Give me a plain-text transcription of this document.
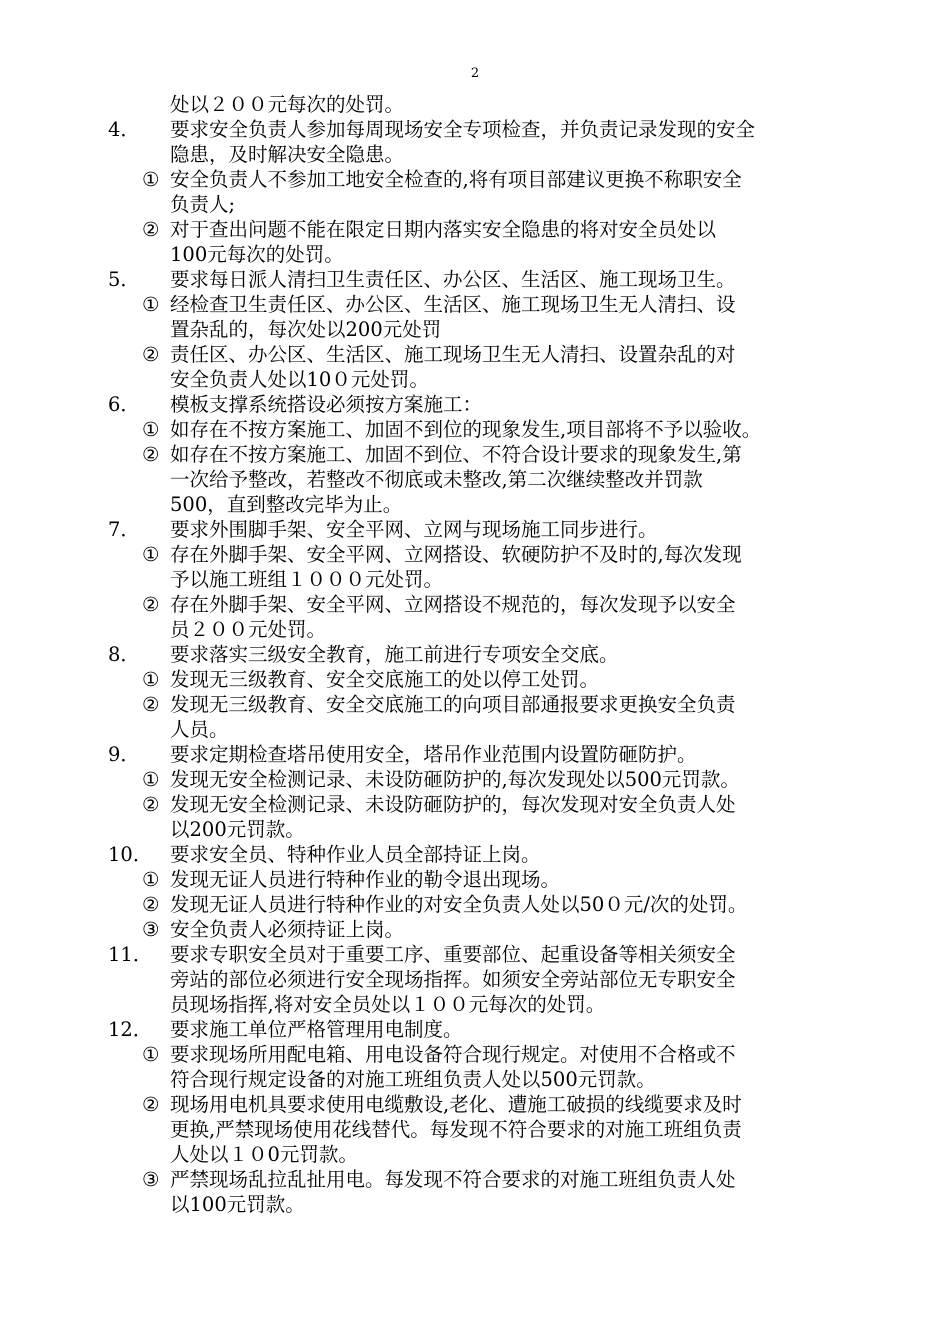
2
处以２００元每次的处罚。
4． 要求安全负责人参加每周现场安全专项检查，并负责记录发现的安全
隐患，及时解决安全隐患。
① 安全负责人不参加工地安全检查的,将有项目部建议更换不称职安全
负责人;
② 对于查出问题不能在限定日期内落实安全隐患的将对安全员处以
100元每次的处罚。
5． 要求每日派人清扫卫生责任区、办公区、生活区、施工现场卫生。
① 经检查卫生责任区、办公区、生活区、施工现场卫生无人清扫、设
置杂乱的，每次处以200元处罚
② 责任区、办公区、生活区、施工现场卫生无人清扫、设置杂乱的对
安全负责人处以10０元处罚。
6． 模板支撑系统搭设必须按方案施工：
① 如存在不按方案施工、加固不到位的现象发生,项目部将不予以验收。
② 如存在不按方案施工、加固不到位、不符合设计要求的现象发生,第
一次给予整改，若整改不彻底或未整改,第二次继续整改并罚款
500，直到整改完毕为止。
7． 要求外围脚手架、安全平网、立网与现场施工同步进行。
① 存在外脚手架、安全平网、立网搭设、软硬防护不及时的,每次发现
予以施工班组１０００元处罚。
② 存在外脚手架、安全平网、立网搭设不规范的，每次发现予以安全
员２００元处罚。
8． 要求落实三级安全教育，施工前进行专项安全交底。
① 发现无三级教育、安全交底施工的处以停工处罚。
② 发现无三级教育、安全交底施工的向项目部通报要求更换安全负责
人员。
9． 要求定期检查塔吊使用安全，塔吊作业范围内设置防砸防护。
① 发现无安全检测记录、未设防砸防护的,每次发现处以500元罚款。
② 发现无安全检测记录、未设防砸防护的，每次发现对安全负责人处
以200元罚款。
10． 要求安全员、特种作业人员全部持证上岗。
① 发现无证人员进行特种作业的勒令退出现场。
② 发现无证人员进行特种作业的对安全负责人处以50０元/次的处罚。
③ 安全负责人必须持证上岗。
11． 要求专职安全员对于重要工序、重要部位、起重设备等相关须安全
旁站的部位必须进行安全现场指挥。如须安全旁站部位无专职安全
员现场指挥,将对安全员处以１００元每次的处罚。
12． 要求施工单位严格管理用电制度。
① 要求现场所用配电箱、用电设备符合现行规定。对使用不合格或不
符合现行规定设备的对施工班组负责人处以500元罚款。
② 现场用电机具要求使用电缆敷设,老化、遭施工破损的线缆要求及时
更换,严禁现场使用花线替代。每发现不符合要求的对施工班组负责
人处以１０0元罚款。
③ 严禁现场乱拉乱扯用电。每发现不符合要求的对施工班组负责人处
以100元罚款。
